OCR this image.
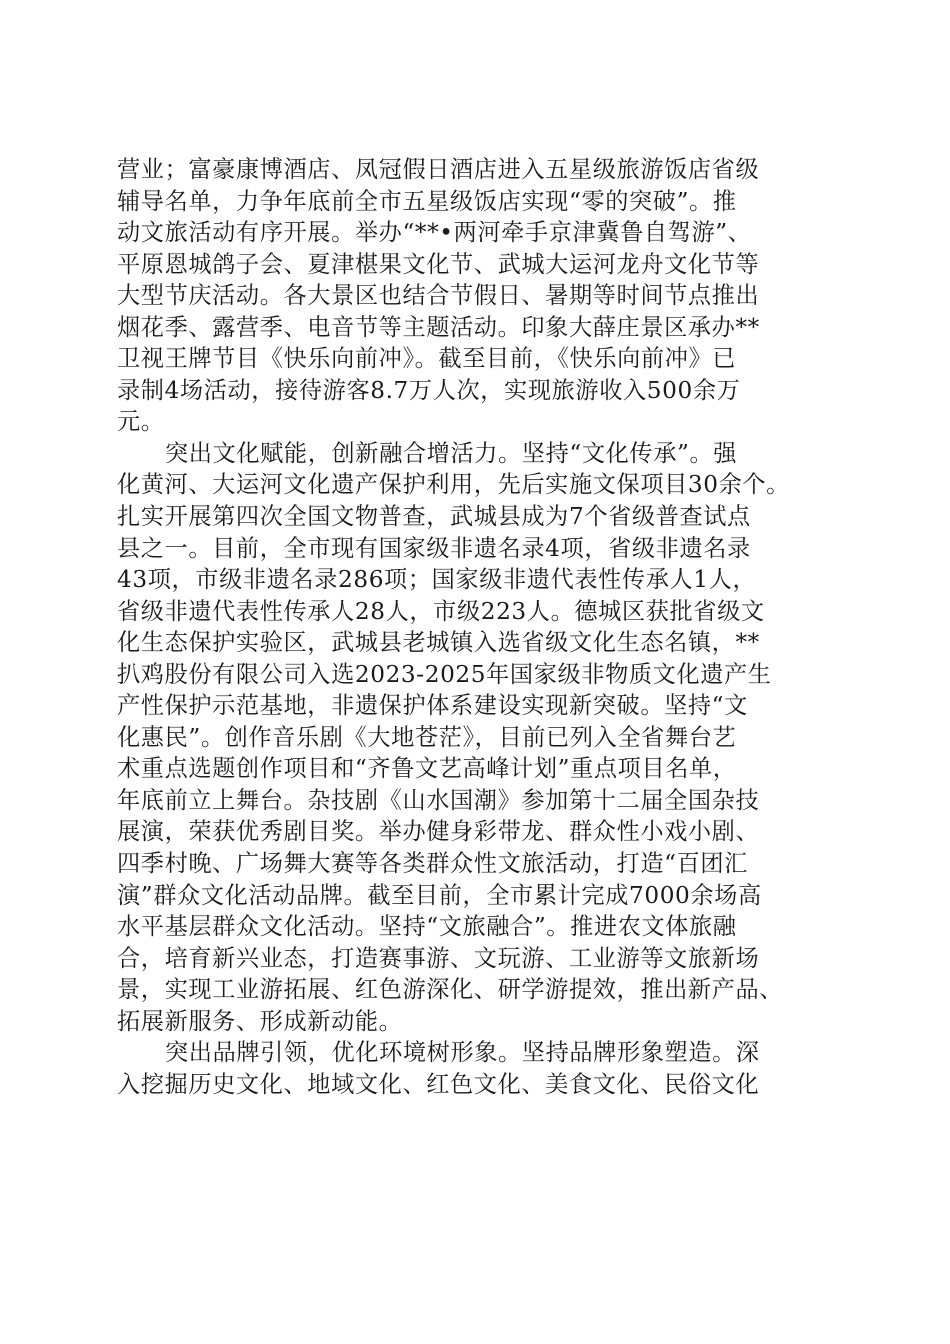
营业；富豪康博酒店、凤冠假日酒店进入五星级旅游饭店省级
辅导名单，力争年底前全市五星级饭店实现“零的突破”。推
动文旅活动有序开展。举办“**•两河牵手京津冀鲁自驾游”、
平原恩城鸽子会、夏津椹果文化节、武城大运河龙舟文化节等
大型节庆活动。各大景区也结合节假日、暑期等时间节点推出
烟花季、露营季、电音节等主题活动。印象大薛庄景区承办**
卫视王牌节目《快乐向前冲》。截至目前，《快乐向前冲》已
录制4场活动，接待游客8.7万人次，实现旅游收入500余万
元。
突出文化赋能，创新融合增活力。坚持“文化传承”。强
化黄河、大运河文化遗产保护利用，先后实施文保项目30余个。
扎实开展第四次全国文物普查，武城县成为7个省级普查试点
县之一。目前，全市现有国家级非遗名录4项，省级非遗名录
43项，市级非遗名录286项；国家级非遗代表性传承人1人，
省级非遗代表性传承人28人，市级223人。德城区获批省级文
化生态保护实验区，武城县老城镇入选省级文化生态名镇，**
扒鸡股份有限公司入选2023-2025年国家级非物质文化遗产生
产性保护示范基地，非遗保护体系建设实现新突破。坚持“文
化惠民”。创作音乐剧《大地苍茫》，目前已列入全省舞台艺
术重点选题创作项目和“齐鲁文艺高峰计划”重点项目名单，
年底前立上舞台。杂技剧《山水国潮》参加第十二届全国杂技
展演，荣获优秀剧目奖。举办健身彩带龙、群众性小戏小剧、
四季村晚、广场舞大赛等各类群众性文旅活动，打造“百团汇
演”群众文化活动品牌。截至目前，全市累计完成7000余场高
水平基层群众文化活动。坚持“文旅融合”。推进农文体旅融
合，培育新兴业态，打造赛事游、文玩游、工业游等文旅新场
景，实现工业游拓展、红色游深化、研学游提效，推出新产品、
拓展新服务、形成新动能。
突出品牌引领，优化环境树形象。坚持品牌形象塑造。深
入挖掘历史文化、地域文化、红色文化、美食文化、民俗文化
